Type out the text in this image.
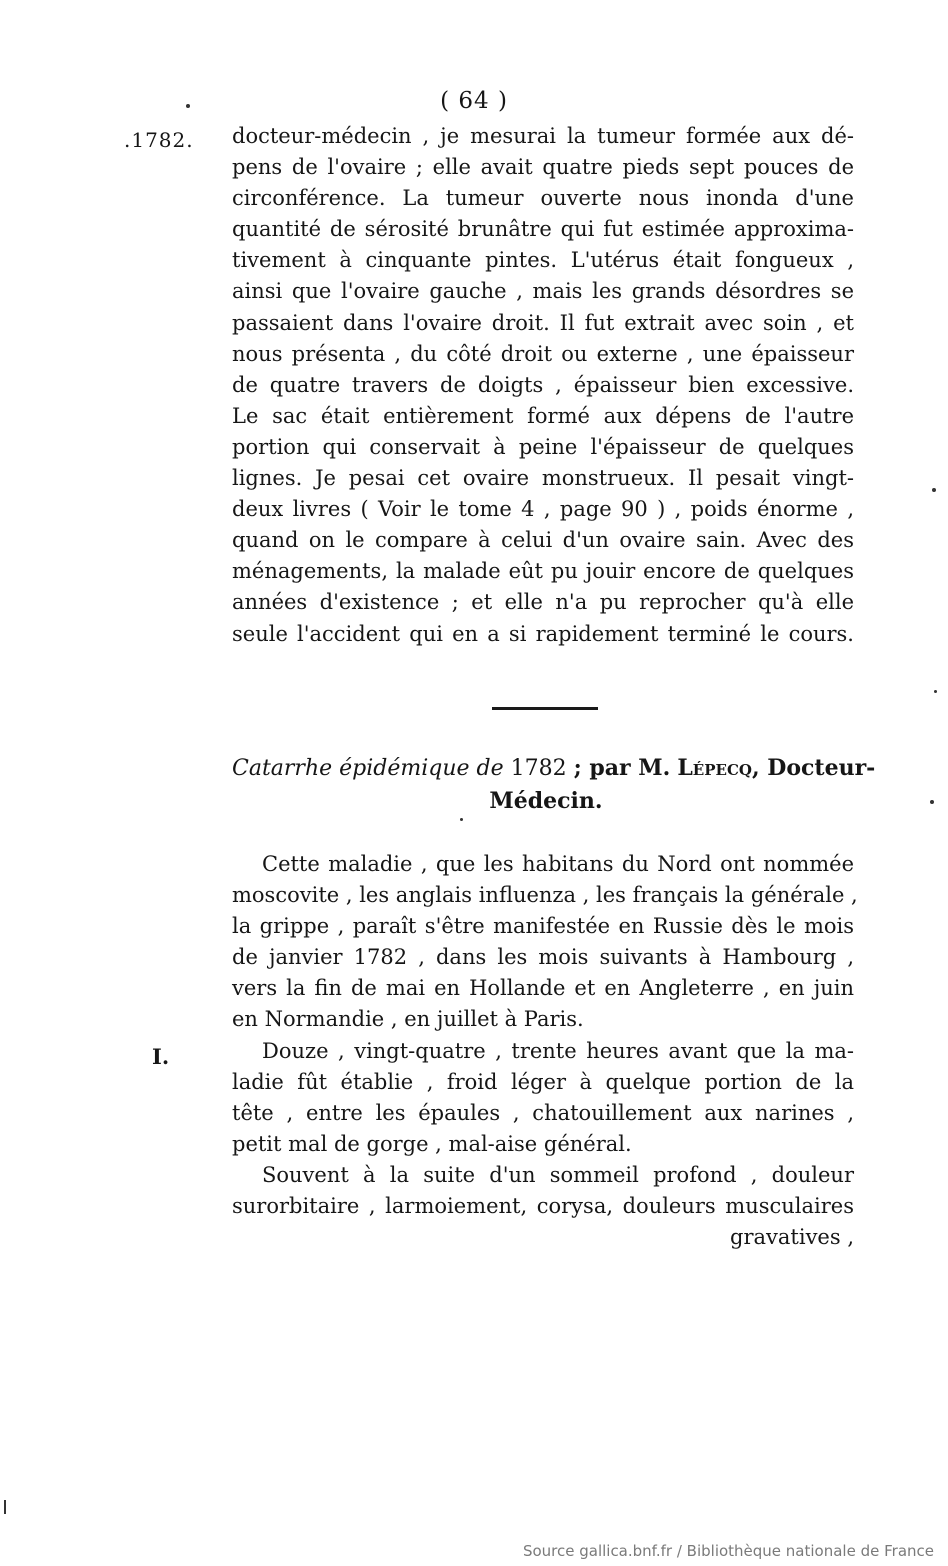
( 64 )
.1782. docteur-médecin , je mesurai la tumeur formée aux dé-
pens de l'ovaire ; elle avait quatre pieds sept pouces de
circonférence. La tumeur ouverte nous inonda d'une
quantité de sérosité brunâtre qui fut estimée approxima-
tivement à cinquante pintes. L'utérus était fongueux ,
ainsi que l'ovaire gauche , mais les grands désordres se
passaient dans l'ovaire droit. Il fut extrait avec soin , et
nous présenta , du côté droit ou externe , une épaisseur
de quatre travers de doigts , épaisseur bien excessive.
Le sac était entièrement formé aux dépens de l'autre
portion qui conservait à peine l'épaisseur de quelques
lignes. Je pesai cet ovaire monstrueux. Il pesait vingt-
deux livres ( Voir le tome 4 , page 90 ) , poids énorme ,
quand on le compare à celui d'un ovaire sain. Avec des
ménagements, la malade eût pu jouir encore de quelques
années d'existence ; et elle n'a pu reprocher qu'à elle
seule l'accident qui en a si rapidement terminé le cours.
Catarrhe épidémique de 1782 ; par M. Lépecq, Docteur-
Médecin.
I.
Cette maladie , que les habitans du Nord ont nommée
moscovite , les anglais influenza , les français la générale ,
la grippe , paraît s'être manifestée en Russie dès le mois
de janvier 1782 , dans les mois suivants à Hambourg ,
vers la fin de mai en Hollande et en Angleterre , en juin
en Normandie , en juillet à Paris.
Douze , vingt-quatre , trente heures avant que la ma-
ladie fût établie , froid léger à quelque portion de la
tête , entre les épaules , chatouillement aux narines ,
petit mal de gorge , mal-aise général.
Souvent à la suite d'un sommeil profond , douleur
surorbitaire , larmoiement, corysa, douleurs musculaires
gravatives ,
Source gallica.bnf.fr / Bibliothèque nationale de France
